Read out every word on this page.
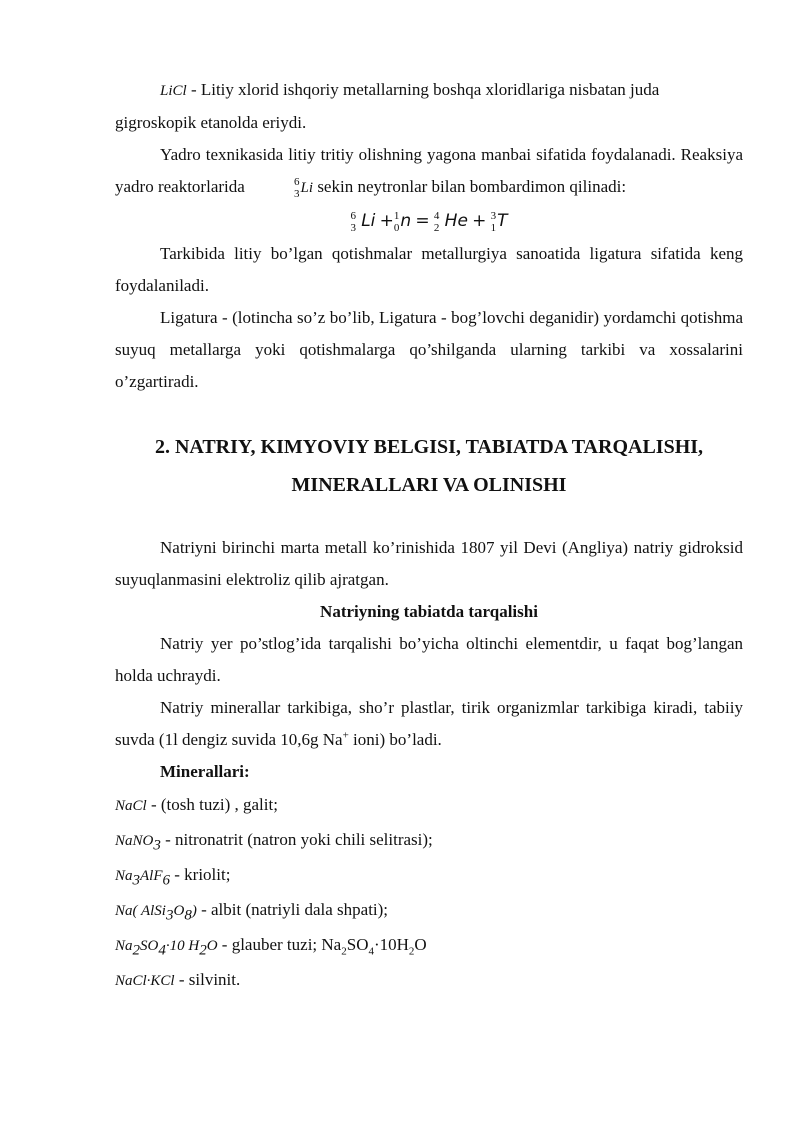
LiCl - Litiy xlorid ishqoriy metallarning boshqa xloridlariga nisbatan juda
gigroskopik etanolda eriydi.

Yadro texnikasida litiy tritiy olishning yagona manbai sifatida foydalanadi. Reaksiya yadro reaktorlarida	6
3 Li sekin neytronlar bilan bombardimon qilinadi:

6
3 Li + 1
0 n = 4
2 He + 3
1 T

Tarkibida litiy bo’lgan qotishmalar metallurgiya sanoatida ligatura sifatida keng foydalaniladi.

Ligatura - (lotincha so’z bo’lib, Ligatura - bog’lovchi deganidir) yordamchi qotishma suyuq metallarga yoki qotishmalarga qo’shilganda ularning tarkibi va xossalarini o’zgartiradi.

2. NATRIY, KIMYOVIY BELGISI, TABIATDA TARQALISHI,
MINERALLARI VA OLINISHI

Natriyni birinchi marta metall ko’rinishida 1807 yil Devi (Angliya) natriy gidroksid suyuqlanmasini elektroliz qilib ajratgan.

Natriyning tabiatda tarqalishi

Natriy yer po’stlog’ida tarqalishi bo’yicha oltinchi elementdir, u faqat bog’langan holda uchraydi.

Natriy minerallar tarkibiga, sho’r plastlar, tirik organizmlar tarkibiga kiradi, tabiiy suvda (1l dengiz suvida 10,6g Na+ ioni) bo’ladi.

Minerallari:

NaCl - (tosh tuzi) , galit;

NaNO$_3$ - nitronatrit (natron yoki chili selitrasi);

$Na_3AlF_6$ - kriolit;

Na( $AlSi_3O_8$) - albit (natriyli dala shpati);

$Na_2SO_4\cdot 10$ $H_2O$ - glauber tuzi; $Na_2SO_4\cdot 10H_2O$

NaCl·KCl - silvinit.
